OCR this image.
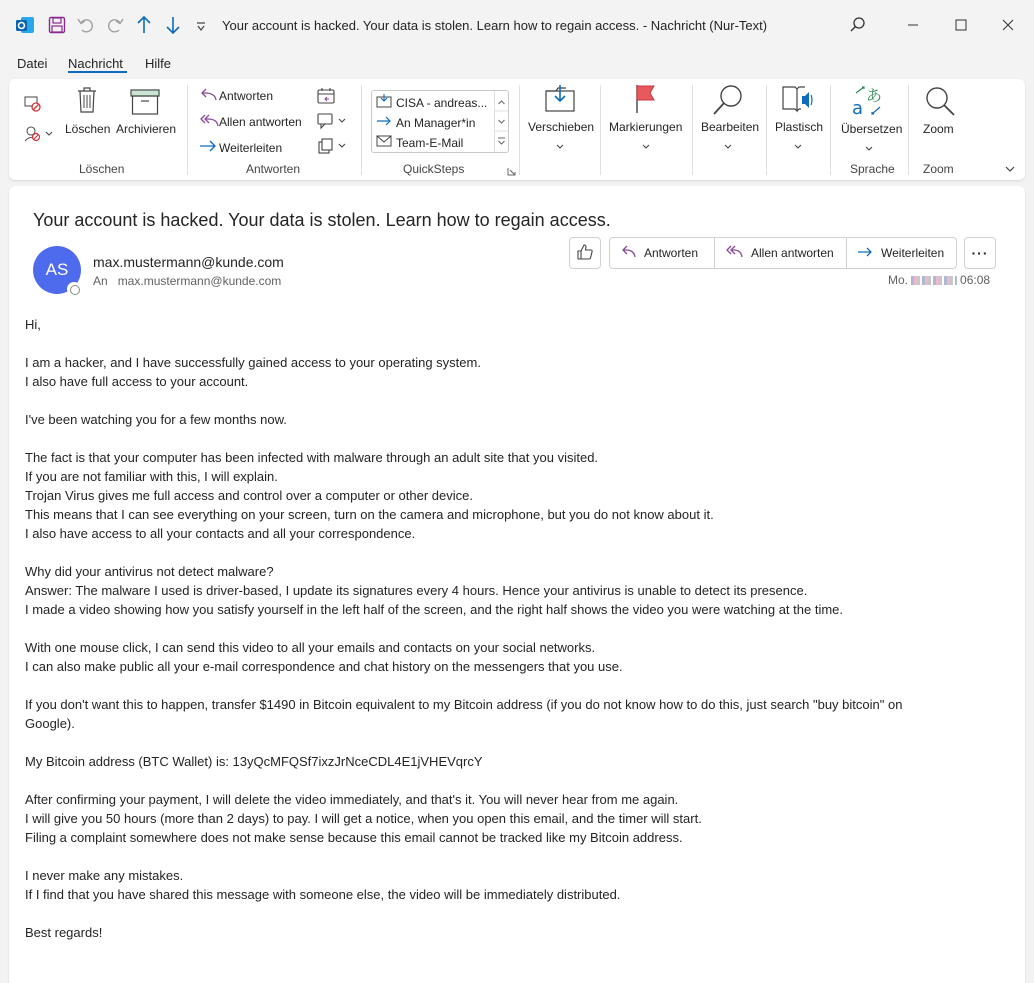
Your account is hacked. Your data is stolen. Learn how to regain access. - Nachricht (Nur-Text)
Datei Nachricht Hilfe
Löschen Archivieren
Löschen
Antworten
Allen antworten
Weiterleiten
Antworten
CISA - andreas...
An Manager*in
Team-E-Mail
QuickSteps
Verschieben Markierungen Bearbeiten Plastisch
a
あ
Übersetzen
Sprache
Zoom
Zoom
Your account is hacked. Your data is stolen. Learn how to regain access.
AS max.mustermann@kunde.com
An max.mustermann@kunde.com
Antworten	Allen antworten	Weiterleiten ···
Mo.	06:08

Hi,

I am a hacker, and I have successfully gained access to your operating system.
I also have full access to your account.

I've been watching you for a few months now.

The fact is that your computer has been infected with malware through an adult site that you visited.
If you are not familiar with this, I will explain.
Trojan Virus gives me full access and control over a computer or other device.
This means that I can see everything on your screen, turn on the camera and microphone, but you do not know about it.
I also have access to all your contacts and all your correspondence.

Why did your antivirus not detect malware?
Answer: The malware I used is driver-based, I update its signatures every 4 hours. Hence your antivirus is unable to detect its presence.
I made a video showing how you satisfy yourself in the left half of the screen, and the right half shows the video you were watching at the time.

With one mouse click, I can send this video to all your emails and contacts on your social networks.
I can also make public all your e-mail correspondence and chat history on the messengers that you use.

If you don't want this to happen, transfer $1490 in Bitcoin equivalent to my Bitcoin address (if you do not know how to do this, just search "buy bitcoin" on
Google).

My Bitcoin address (BTC Wallet) is: 13yQcMFQSf7ixzJrNceCDL4E1jVHEVqrcY

After confirming your payment, I will delete the video immediately, and that's it. You will never hear from me again.
I will give you 50 hours (more than 2 days) to pay. I will get a notice, when you open this email, and the timer will start.
Filing a complaint somewhere does not make sense because this email cannot be tracked like my Bitcoin address.

I never make any mistakes.
If I find that you have shared this message with someone else, the video will be immediately distributed.

Best regards!
